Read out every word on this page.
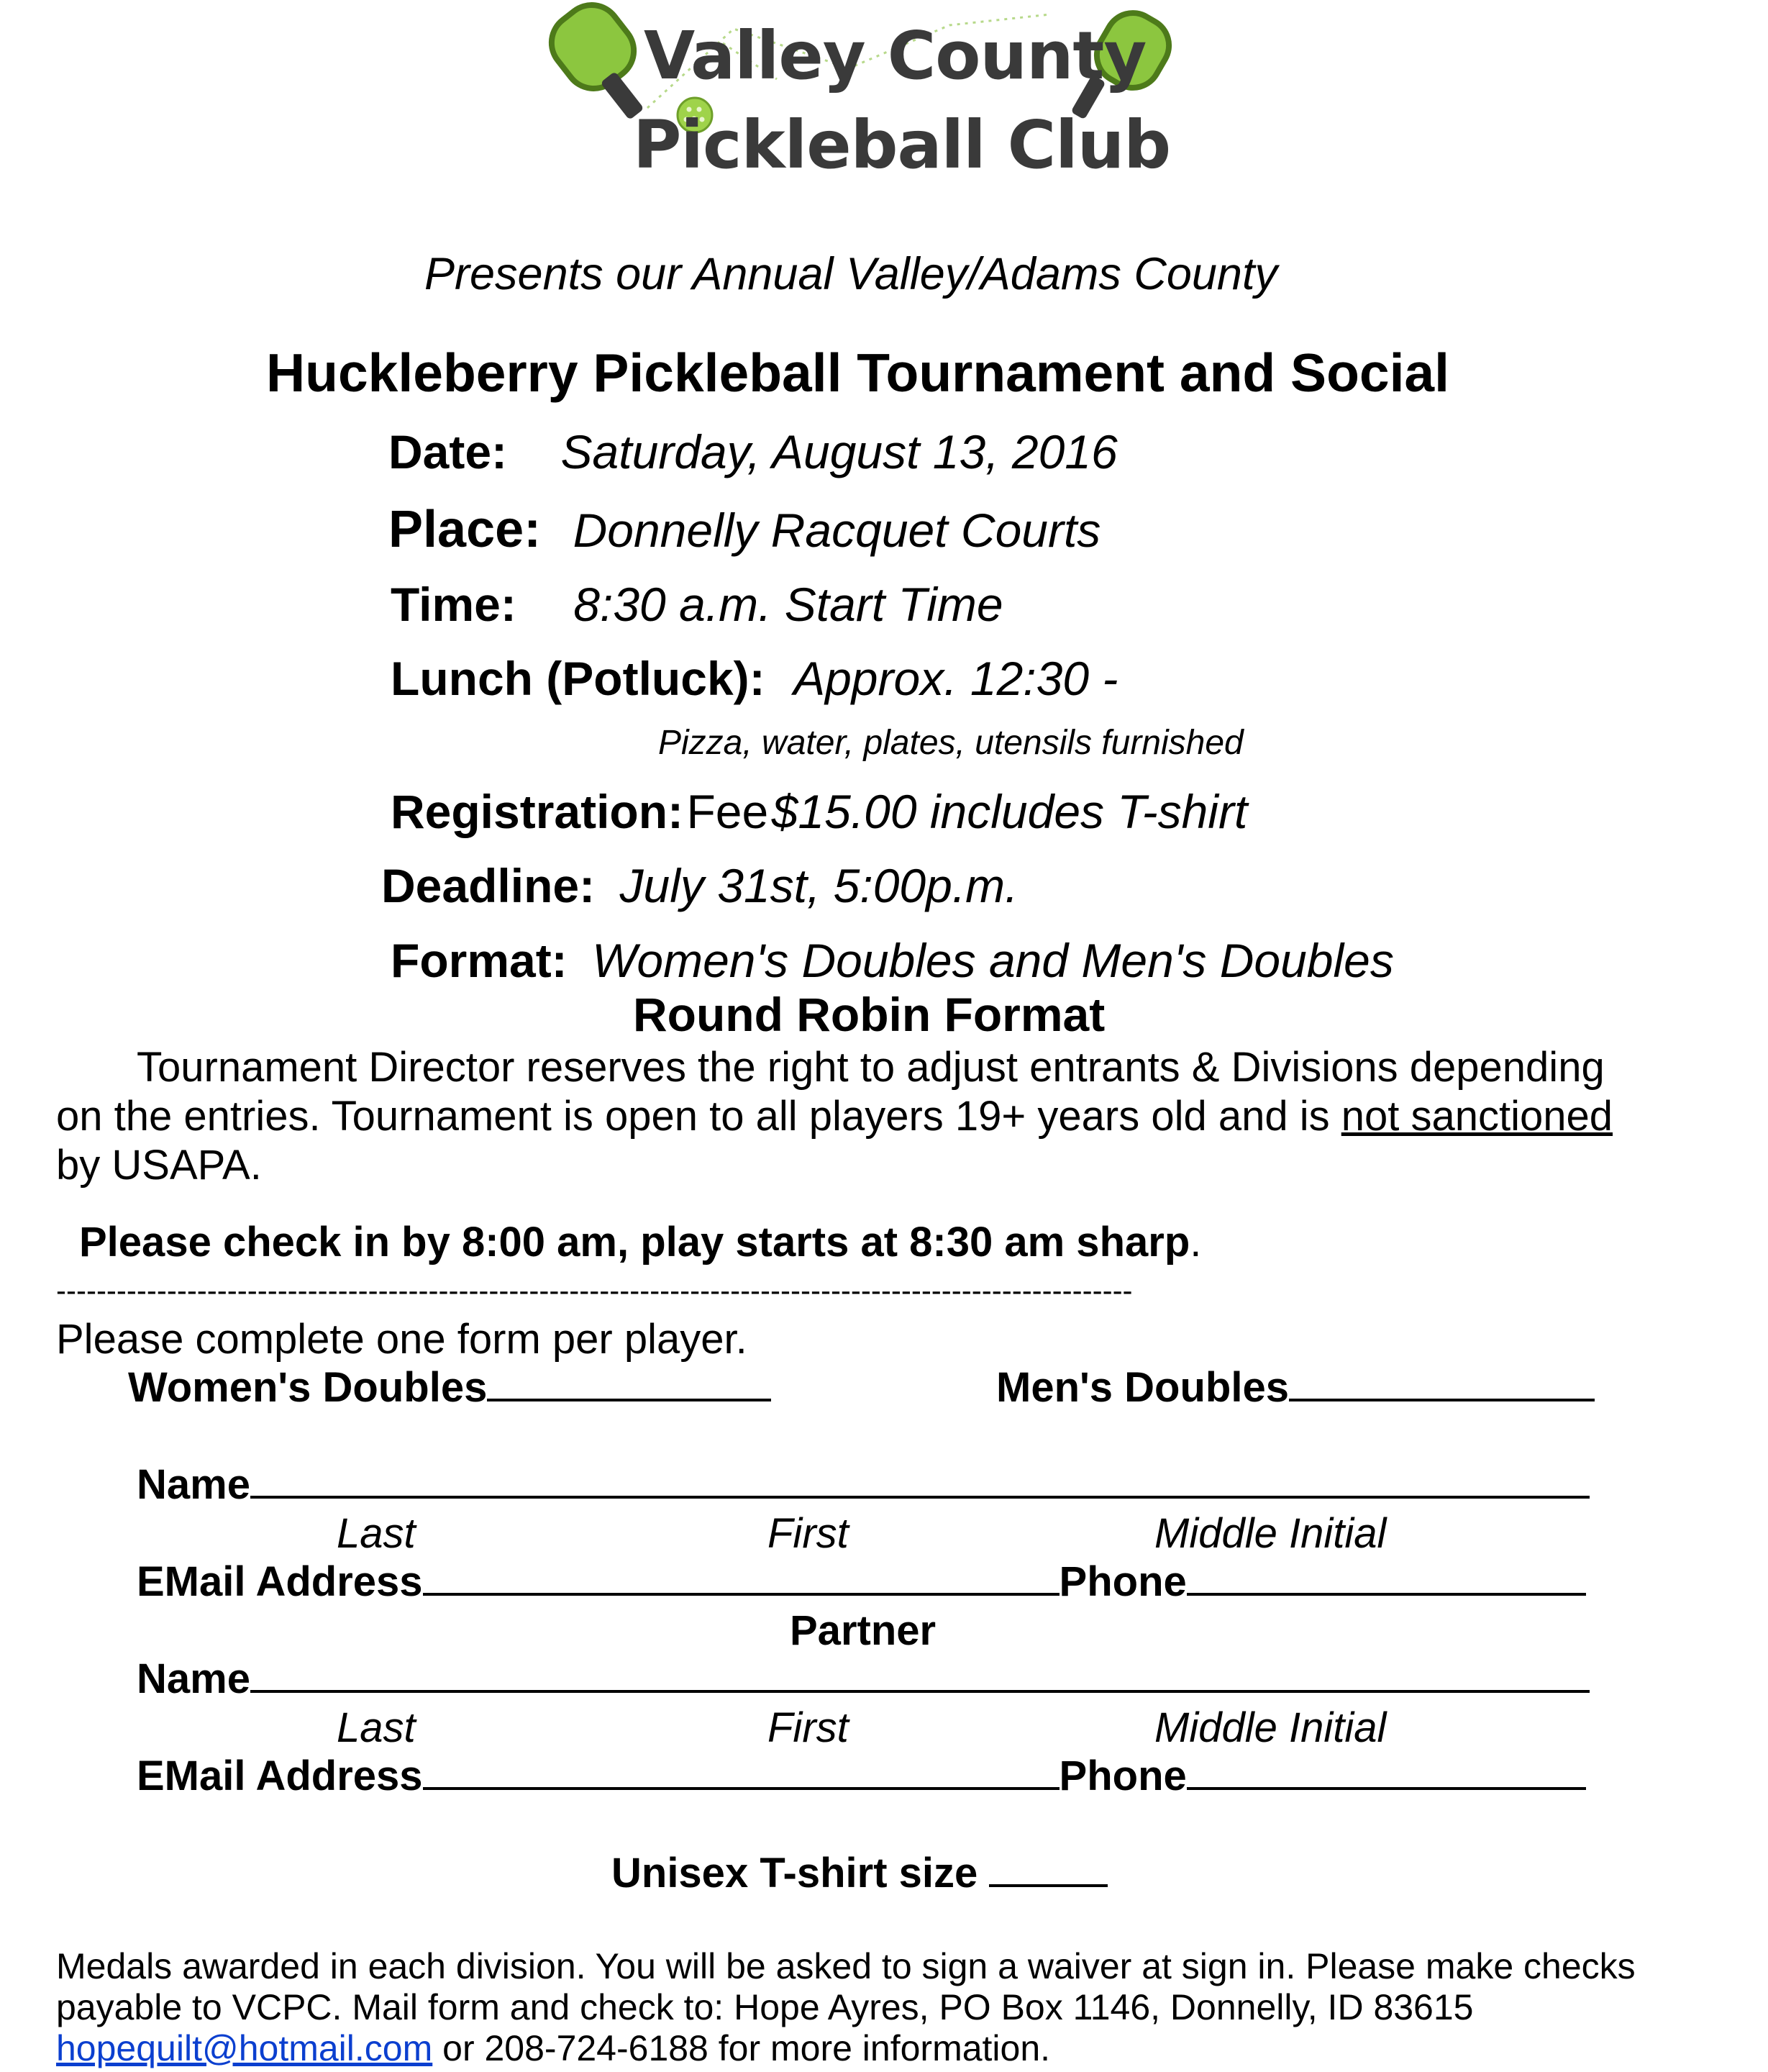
Valley County
Pickleball Club
Presents our Annual Valley/Adams County
Huckleberry Pickleball Tournament and Social
Date: Saturday, August 13, 2016
Place: Donnelly Racquet Courts
Time: 8:30 a.m. Start Time
Lunch (Potluck): Approx. 12:30 -
Pizza, water, plates, utensils furnished
Registration: Fee $15.00 includes T-shirt
Deadline: July 31st, 5:00p.m.
Format: Women's Doubles and Men's Doubles
Round Robin Format
Tournament Director reserves the right to adjust entrants & Divisions depending
on the entries. Tournament is open to all players 19+ years old and is not sanctioned
by USAPA.
Please check in by 8:00 am, play starts at 8:30 am sharp.
-----------------------------------------------------------------------------------------------------------
Please complete one form per player.
Women's Doubles	Men's Doubles
Name
Last	First	Middle Initial
EMail Address	Phone
Partner
Name
Last	First	Middle Initial
EMail Address	Phone
Unisex T-shirt size
Medals awarded in each division. You will be asked to sign a waiver at sign in. Please make checks
payable to VCPC. Mail form and check to: Hope Ayres, PO Box 1146, Donnelly, ID 83615
hopequilt@hotmail.com or 208-724-6188 for more information.
